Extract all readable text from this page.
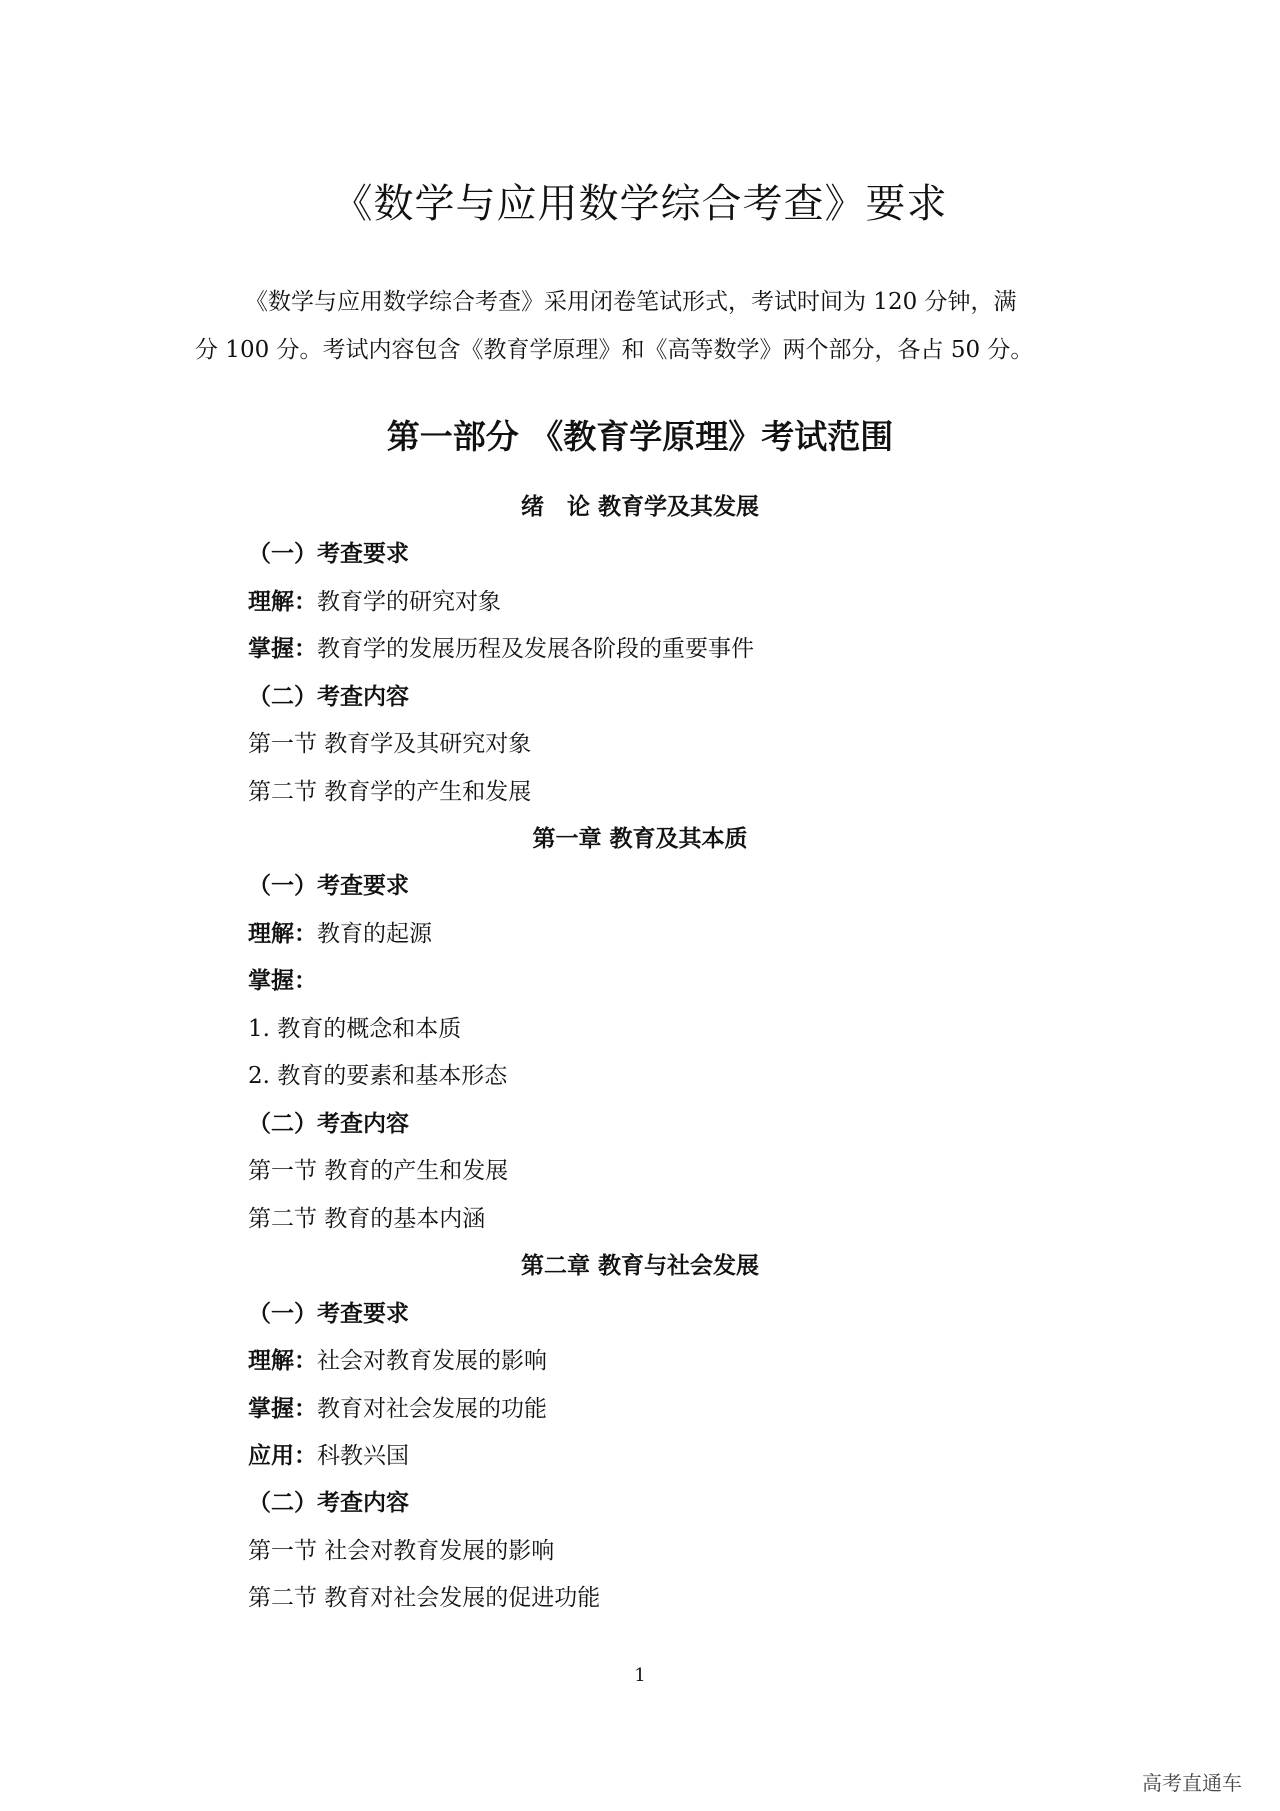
《数学与应用数学综合考查》要求

《数学与应用数学综合考查》采用闭卷笔试形式，考试时间为 120 分钟，满

分 100 分。考试内容包含《教育学原理》和《高等数学》两个部分，各占 50 分。

第一部分 《教育学原理》考试范围
绪　论 教育学及其发展
（一）考查要求
理解：教育学的研究对象
掌握：教育学的发展历程及发展各阶段的重要事件
（二）考查内容
第一节 教育学及其研究对象
第二节 教育学的产生和发展
第一章 教育及其本质
（一）考查要求
理解：教育的起源
掌握：
1. 教育的概念和本质
2. 教育的要素和基本形态
（二）考查内容
第一节 教育的产生和发展
第二节 教育的基本内涵
第二章 教育与社会发展
（一）考查要求
理解：社会对教育发展的影响
掌握：教育对社会发展的功能
应用：科教兴国
（二）考查内容
第一节 社会对教育发展的影响
第二节 教育对社会发展的促进功能
1
高考直通车
